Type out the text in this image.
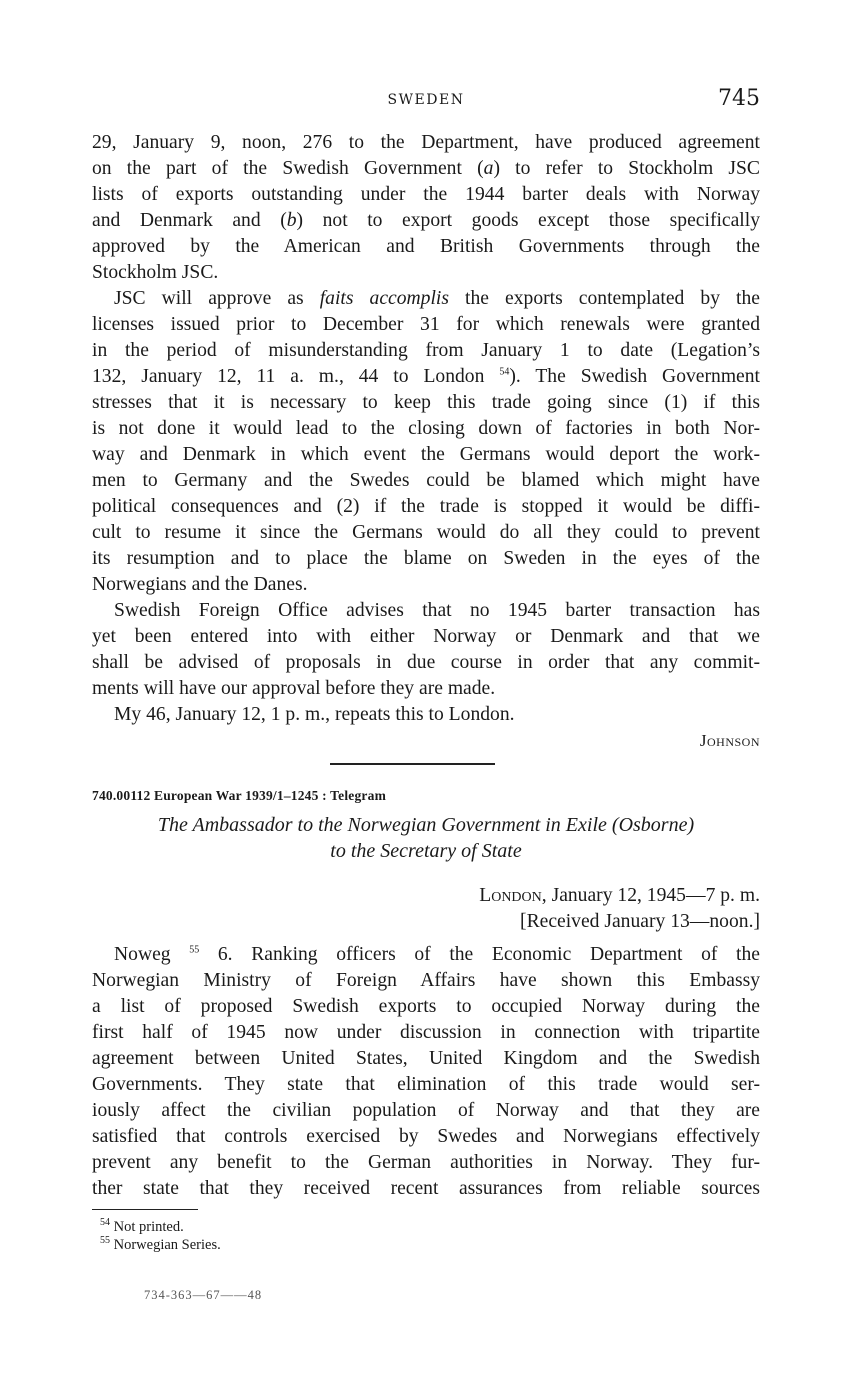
SWEDEN	745
29, January 9, noon, 276 to the Department, have produced agreement
on the part of the Swedish Government (a) to refer to Stockholm JSC
lists of exports outstanding under the 1944 barter deals with Norway
and Denmark and (b) not to export goods except those specifically
approved by the American and British Governments through the
Stockholm JSC.
JSC will approve as faits accomplis the exports contemplated by the
licenses issued prior to December 31 for which renewals were granted
in the period of misunderstanding from January 1 to date (Legation’s
132, January 12, 11 a. m., 44 to London $^{54}$). The Swedish Government
stresses that it is necessary to keep this trade going since (1) if this
is not done it would lead to the closing down of factories in both Nor-
way and Denmark in which event the Germans would deport the work-
men to Germany and the Swedes could be blamed which might have
political consequences and (2) if the trade is stopped it would be diffi-
cult to resume it since the Germans would do all they could to prevent
its resumption and to place the blame on Sweden in the eyes of the
Norwegians and the Danes.
Swedish Foreign Office advises that no 1945 barter transaction has
yet been entered into with either Norway or Denmark and that we
shall be advised of proposals in due course in order that any commit-
ments will have our approval before they are made.
My 46, January 12, 1 p. m., repeats this to London.
Johnson
740.00112 European War 1939/1–1245 : Telegram
The Ambassador to the Norwegian Government in Exile (Osborne)
to the Secretary of State
London, January 12, 1945—7 p. m.
[Received January 13—noon.]
Noweg $^{55}$ 6. Ranking officers of the Economic Department of the
Norwegian Ministry of Foreign Affairs have shown this Embassy
a list of proposed Swedish exports to occupied Norway during the
first half of 1945 now under discussion in connection with tripartite
agreement between United States, United Kingdom and the Swedish
Governments. They state that elimination of this trade would ser-
iously affect the civilian population of Norway and that they are
satisfied that controls exercised by Swedes and Norwegians effectively
prevent any benefit to the German authorities in Norway. They fur-
ther state that they received recent assurances from reliable sources
$^{54}$ Not printed.
$^{55}$ Norwegian Series.
734-363—67——48
